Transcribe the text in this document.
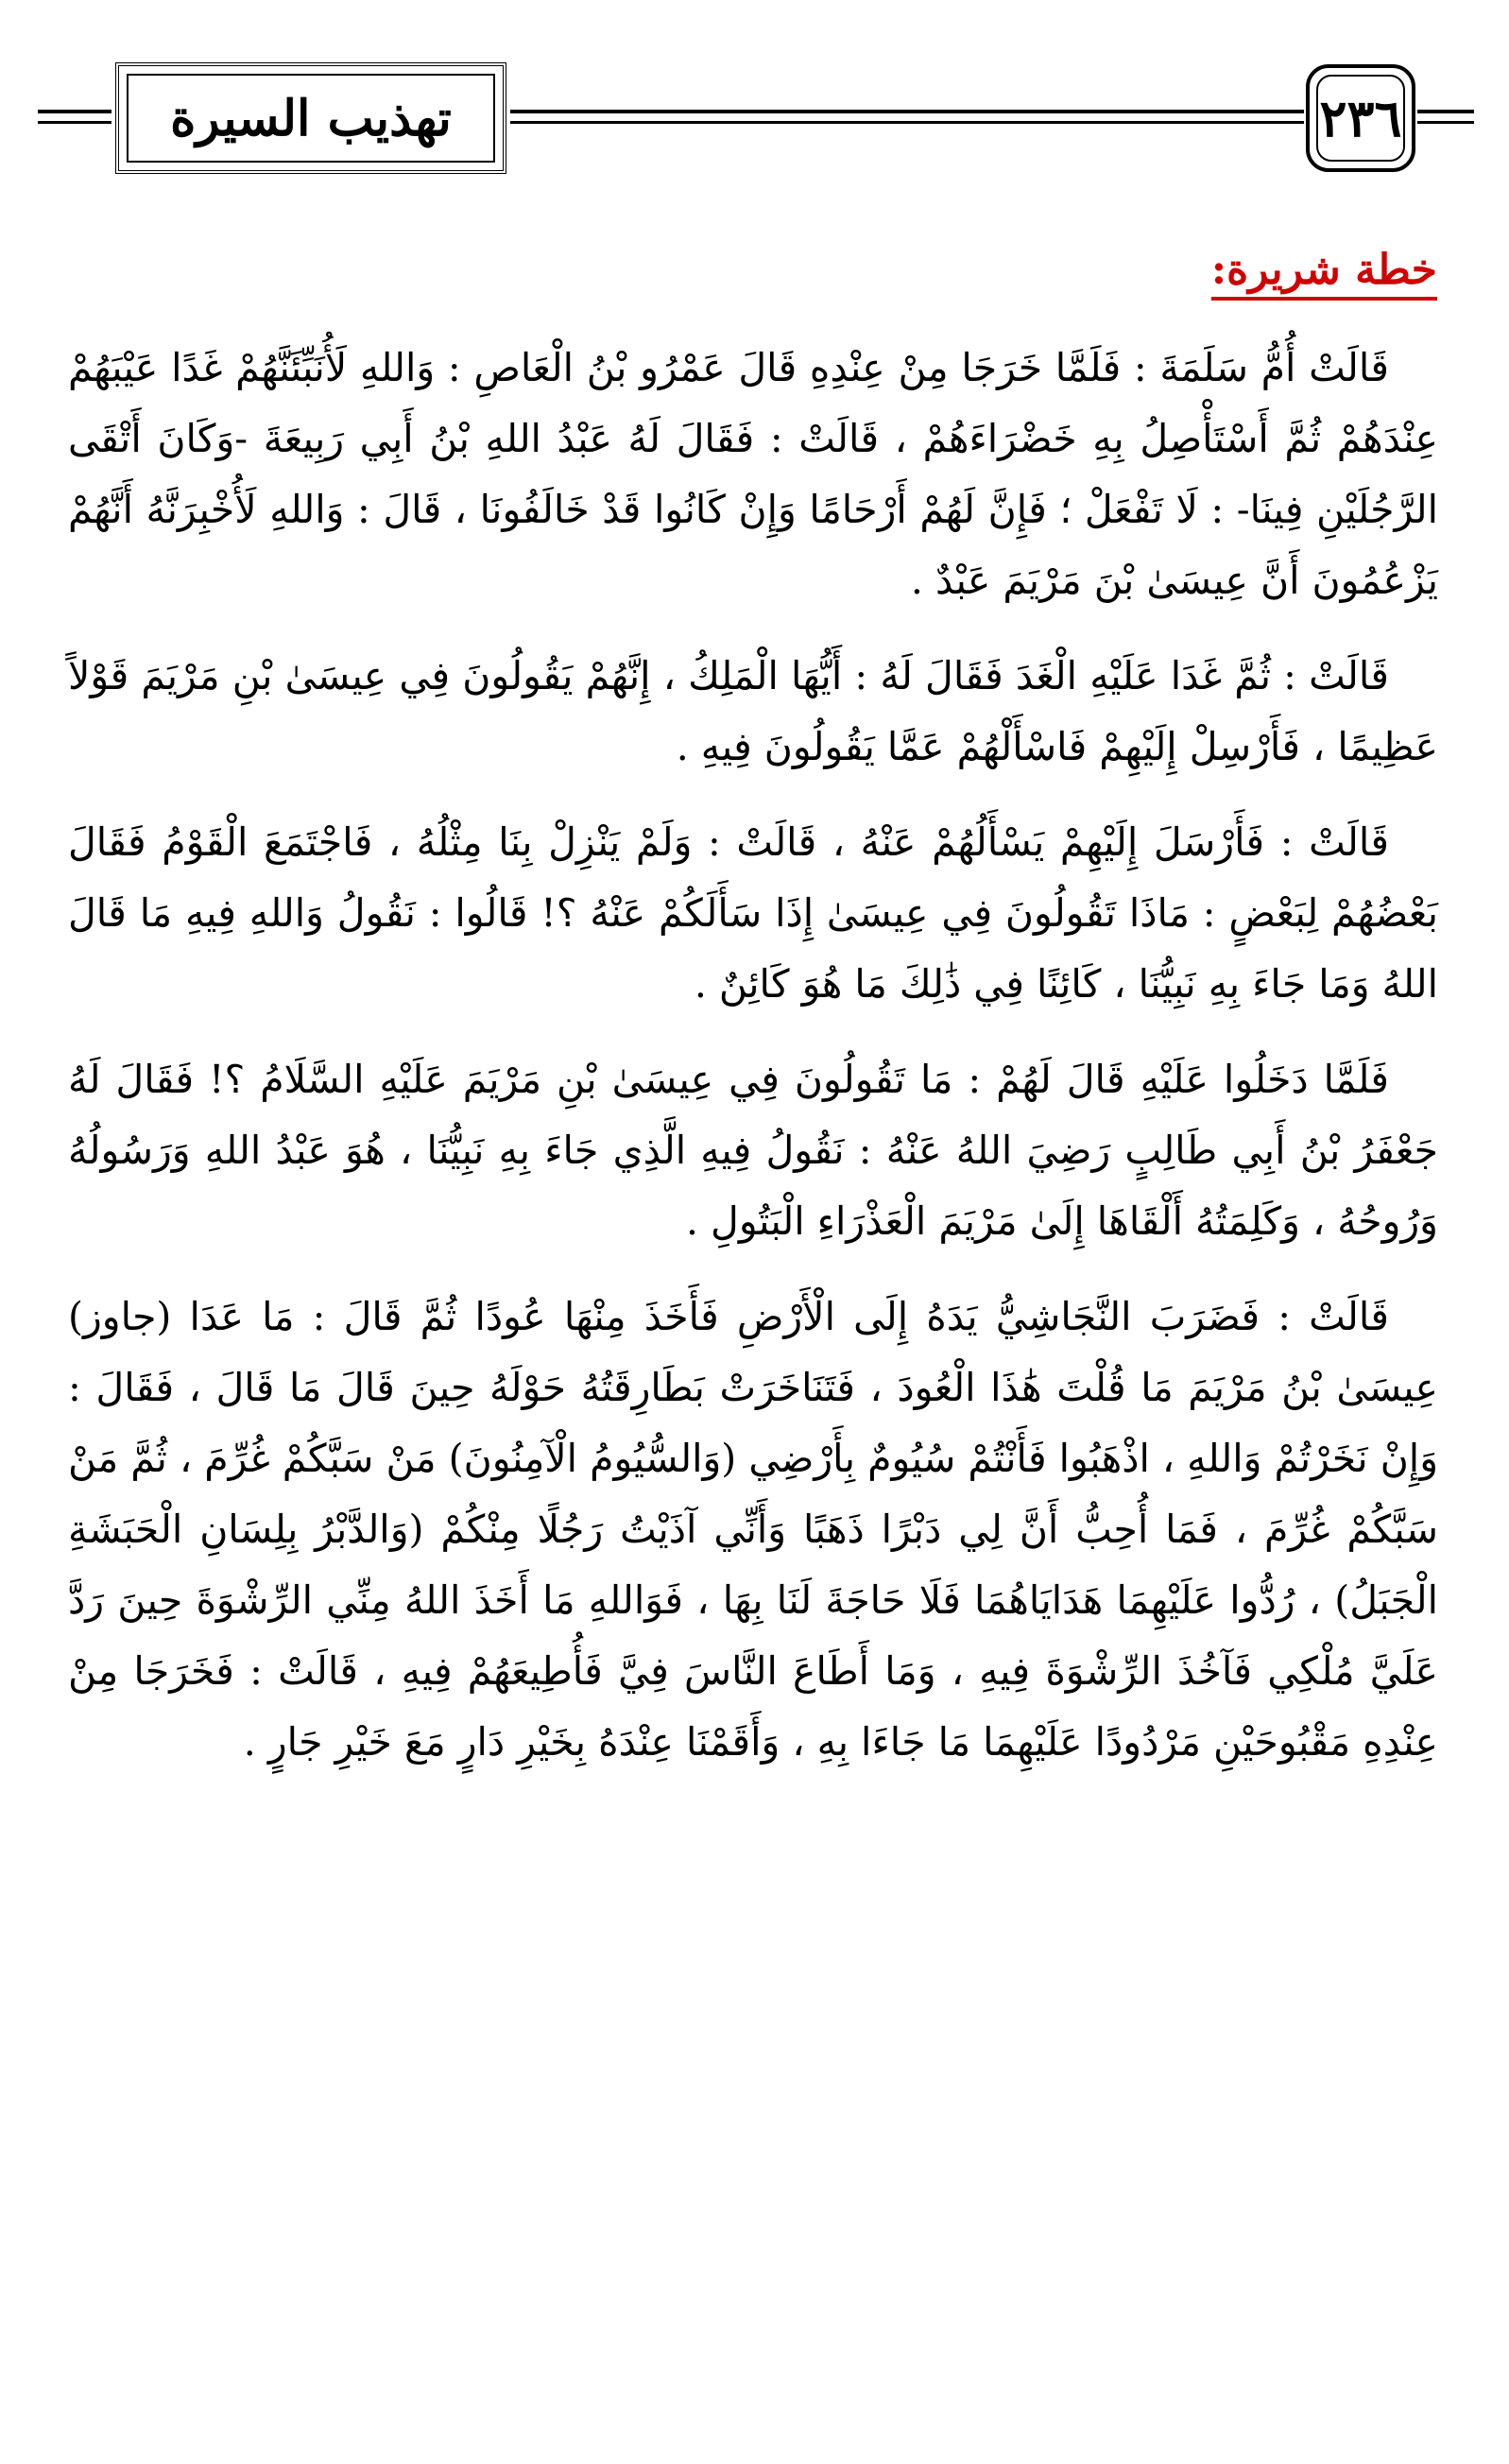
تهذيب السيرة	٢٣٦
خطة شريرة:

قَالَتْ أُمُّ سَلَمَةَ : فَلَمَّا خَرَجَا مِنْ عِنْدِهِ قَالَ عَمْرُو بْنُ الْعَاصِ : وَاللهِ لَأُنَبِّئَنَّهُمْ غَدًا عَيْبَهُمْ عِنْدَهُمْ ثُمَّ أَسْتَأْصِلُ بِهِ خَضْرَاءَهُمْ ، قَالَتْ : فَقَالَ لَهُ عَبْدُ اللهِ بْنُ أَبِي رَبِيعَةَ -وَكَانَ أَتْقَى الرَّجُلَيْنِ فِينَا- : لَا تَفْعَلْ ؛ فَإِنَّ لَهُمْ أَرْحَامًا وَإِنْ كَانُوا قَدْ خَالَفُونَا ، قَالَ : وَاللهِ لَأُخْبِرَنَّهُ أَنَّهُمْ يَزْعُمُونَ أَنَّ عِيسَىٰ بْنَ مَرْيَمَ عَبْدٌ .

قَالَتْ : ثُمَّ غَدَا عَلَيْهِ الْغَدَ فَقَالَ لَهُ : أَيُّهَا الْمَلِكُ ، إِنَّهُمْ يَقُولُونَ فِي عِيسَىٰ بْنِ مَرْيَمَ قَوْلاً عَظِيمًا ، فَأَرْسِلْ إِلَيْهِمْ فَاسْأَلْهُمْ عَمَّا يَقُولُونَ فِيهِ .

قَالَتْ : فَأَرْسَلَ إِلَيْهِمْ يَسْأَلُهُمْ عَنْهُ ، قَالَتْ : وَلَمْ يَنْزِلْ بِنَا مِثْلُهُ ، فَاجْتَمَعَ الْقَوْمُ فَقَالَ بَعْضُهُمْ لِبَعْضٍ : مَاذَا تَقُولُونَ فِي عِيسَىٰ إِذَا سَأَلَكُمْ عَنْهُ ؟! قَالُوا : نَقُولُ وَاللهِ فِيهِ مَا قَالَ اللهُ وَمَا جَاءَ بِهِ نَبِيُّنَا ، كَائِنًا فِي ذَٰلِكَ مَا هُوَ كَائِنٌ .

فَلَمَّا دَخَلُوا عَلَيْهِ قَالَ لَهُمْ : مَا تَقُولُونَ فِي عِيسَىٰ بْنِ مَرْيَمَ عَلَيْهِ السَّلَامُ ؟! فَقَالَ لَهُ جَعْفَرُ بْنُ أَبِي طَالِبٍ رَضِيَ اللهُ عَنْهُ : نَقُولُ فِيهِ الَّذِي جَاءَ بِهِ نَبِيُّنَا ، هُوَ عَبْدُ اللهِ وَرَسُولُهُ وَرُوحُهُ ، وَكَلِمَتُهُ أَلْقَاهَا إِلَىٰ مَرْيَمَ الْعَذْرَاءِ الْبَتُولِ .

قَالَتْ : فَضَرَبَ النَّجَاشِيُّ يَدَهُ إِلَى الْأَرْضِ فَأَخَذَ مِنْهَا عُودًا ثُمَّ قَالَ : مَا عَدَا (جاوز) عِيسَىٰ بْنُ مَرْيَمَ مَا قُلْتَ هَٰذَا الْعُودَ ، فَتَنَاخَرَتْ بَطَارِقَتُهُ حَوْلَهُ حِينَ قَالَ مَا قَالَ ، فَقَالَ : وَإِنْ نَخَرْتُمْ وَاللهِ ، اذْهَبُوا فَأَنْتُمْ سُيُومٌ بِأَرْضِي (وَالسُّيُومُ الْآمِنُونَ) مَنْ سَبَّكُمْ غُرِّمَ ، ثُمَّ مَنْ سَبَّكُمْ غُرِّمَ ، فَمَا أُحِبُّ أَنَّ لِي دَبْرًا ذَهَبًا وَأَنِّي آذَيْتُ رَجُلًا مِنْكُمْ (وَالدَّبْرُ بِلِسَانِ الْحَبَشَةِ الْجَبَلُ) ، رُدُّوا عَلَيْهِمَا هَدَايَاهُمَا فَلَا حَاجَةَ لَنَا بِهَا ، فَوَاللهِ مَا أَخَذَ اللهُ مِنِّي الرِّشْوَةَ حِينَ رَدَّ عَلَيَّ مُلْكِي فَآخُذَ الرِّشْوَةَ فِيهِ ، وَمَا أَطَاعَ النَّاسَ فِيَّ فَأُطِيعَهُمْ فِيهِ ، قَالَتْ : فَخَرَجَا مِنْ عِنْدِهِ مَقْبُوحَيْنِ مَرْدُودًا عَلَيْهِمَا مَا جَاءَا بِهِ ، وَأَقَمْنَا عِنْدَهُ بِخَيْرِ دَارٍ مَعَ خَيْرِ جَارٍ .
